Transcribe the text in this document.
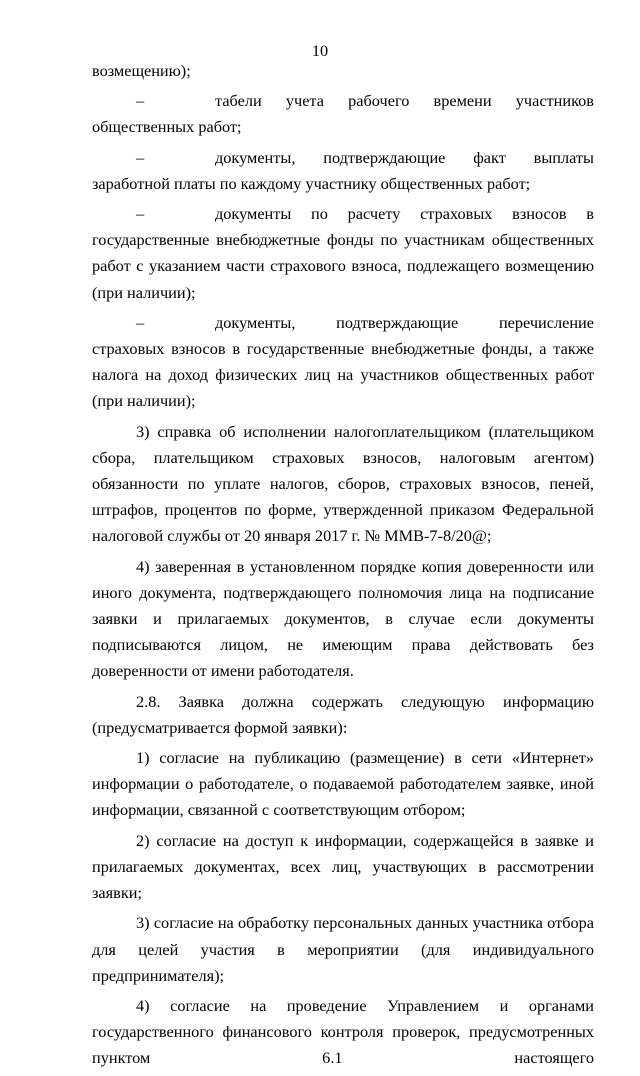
10

возмещению);

–	табели учета рабочего времени участников общественных работ;

–	документы, подтверждающие факт выплаты заработной платы по каждому участнику общественных работ;

–	документы по расчету страховых взносов в государственные внебюджетные фонды по участникам общественных работ с указанием части страхового взноса, подлежащего возмещению (при наличии);

–	документы, подтверждающие перечисление страховых взносов в государственные внебюджетные фонды, а также налога на доход физических лиц на участников общественных работ (при наличии);

3) справка об исполнении налогоплательщиком (плательщиком сбора, плательщиком страховых взносов, налоговым агентом) обязанности по уплате налогов, сборов, страховых взносов, пеней, штрафов, процентов по форме, утвержденной приказом Федеральной налоговой службы от 20 января 2017 г. № ММВ-7-8/20@;

4) заверенная в установленном порядке копия доверенности или иного документа, подтверждающего полномочия лица на подписание заявки и прилагаемых документов, в случае если документы подписываются лицом, не имеющим права действовать без доверенности от имени работодателя.

2.8. Заявка должна содержать следующую информацию (предусматривается формой заявки):

1) согласие на публикацию (размещение) в сети «Интернет» информации о работодателе, о подаваемой работодателем заявке, иной информации, связанной с соответствующим отбором;

2) согласие на доступ к информации, содержащейся в заявке и прилагаемых документах, всех лиц, участвующих в рассмотрении заявки;

3) согласие на обработку персональных данных участника отбора для целей участия в мероприятии (для индивидуального предпринимателя);

4) согласие на проведение Управлением и органами государственного финансового контроля проверок, предусмотренных пунктом 6.1 настоящего
